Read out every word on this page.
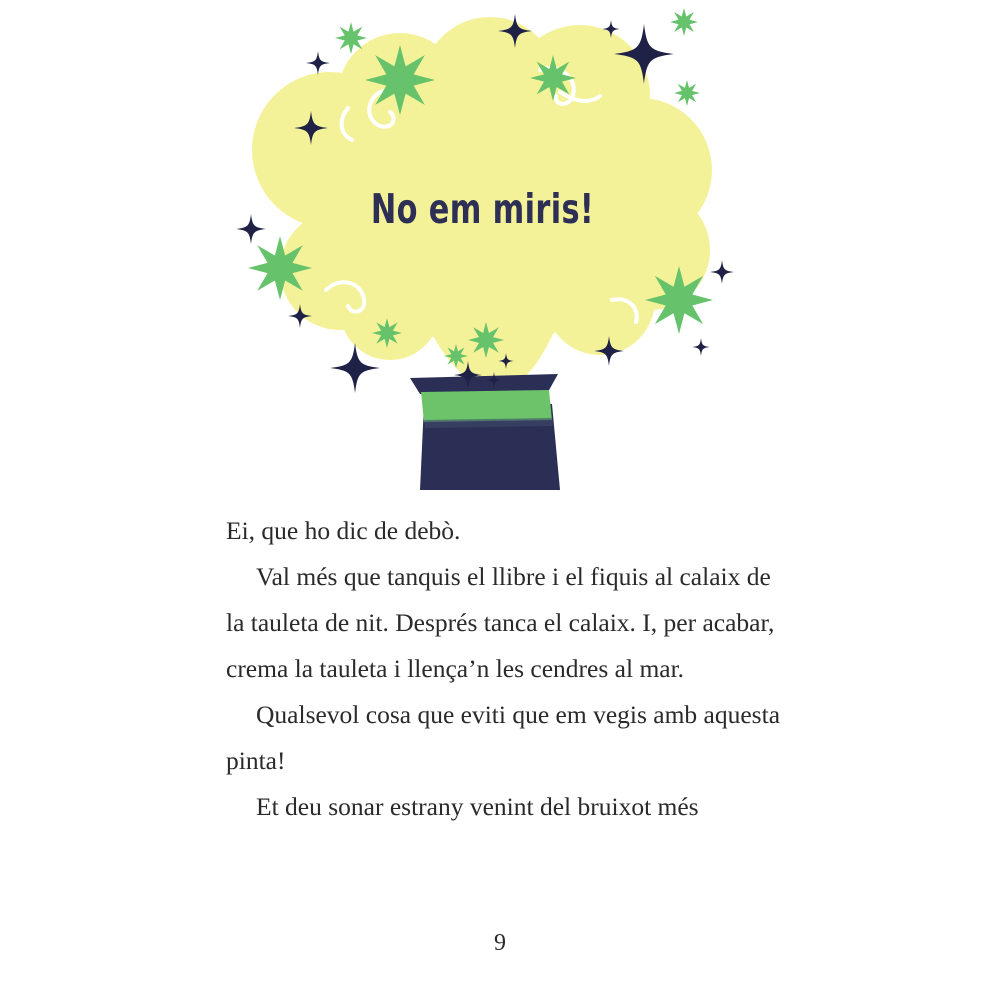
No em miris!

Ei, que ho dic de debò.

Val més que tanquis el llibre i el fiquis al calaix de la tauleta de nit. Després tanca el calaix. I, per acabar, crema la tauleta i llença’n les cendres al mar.

Qualsevol cosa que eviti que em vegis amb aquesta pinta!

Et deu sonar estrany venint del bruixot més

9
